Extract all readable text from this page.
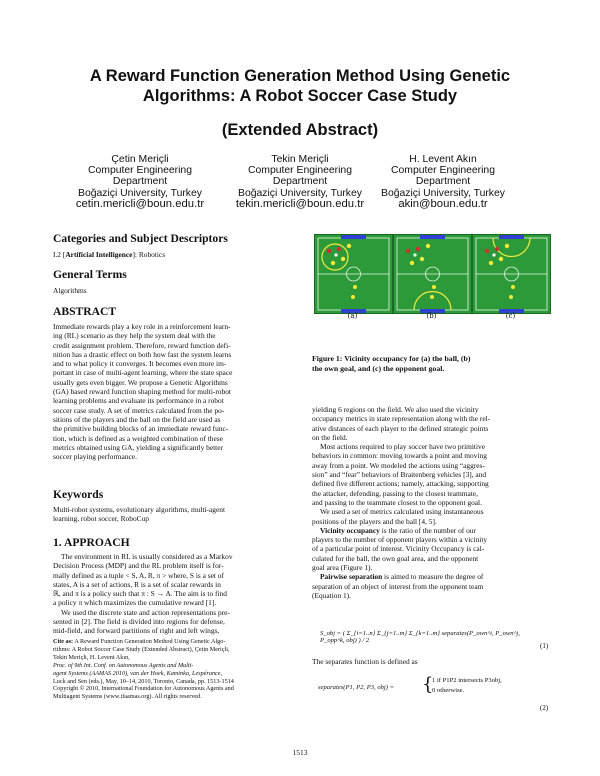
A Reward Function Generation Method Using Genetic
Algorithms: A Robot Soccer Case Study
(Extended Abstract)
Çetin Meriçli
Computer Engineering
Department
Boğaziçi University, Turkey
cetin.mericli@boun.edu.tr
Tekin Meriçli
Computer Engineering
Department
Boğaziçi University, Turkey
tekin.mericli@boun.edu.tr
H. Levent Akın
Computer Engineering
Department
Boğaziçi University, Turkey
akin@boun.edu.tr
Categories and Subject Descriptors
I.2 [Artificial Intelligence]: Robotics
General Terms
Algorithms
ABSTRACT
Immediate rewards play a key role in a reinforcement learn-
ing (RL) scenario as they help the system deal with the
credit assignment problem. Therefore, reward function defi-
nition has a drastic effect on both how fast the system learns
and to what policy it converges. It becomes even more im-
portant in case of multi-agent learning, where the state space
usually gets even bigger. We propose a Genetic Algorithms
(GA) based reward function shaping method for multi-robot
learning problems and evaluate its performance in a robot
soccer case study. A set of metrics calculated from the po-
sitions of the players and the ball on the field are used as
the primitive building blocks of an immediate reward func-
tion, which is defined as a weighted combination of these
metrics obtained using GA, yielding a significantly better
soccer playing performance.
Keywords
Multi-robot systems, evolutionary algorithms, multi-agent
learning, robot soccer, RoboCup
1. APPROACH
The environment in RL is usually considered as a Markov
Decision Process (MDP) and the RL problem itself is for-
mally defined as a tuple < S, A, R, π > where, S is a set of
states, A is a set of actions, R is a set of scalar rewards in
ℝ, and π is a policy such that π : S → A. The aim is to find
a policy π which maximizes the cumulative reward [1].
We used the discrete state and action representations pre-
sented in [2]. The field is divided into regions for defense,
mid-field, and forward partitions of right and left wings,
Cite as: A Reward Function Generation Method Using Genetic Algo-
rithms: A Robot Soccer Case Study (Extended Abstract), Çetin Meriçli,
Tekin Meriçli, H. Levent Akın,
Proc. of 9th Int. Conf. on Autonomous Agents and Multi-
agent Systems (AAMAS 2010), van der Hoek, Kaminka, Lespérance,
Luck and Sen (eds.), May, 10–14, 2010, Toronto, Canada, pp. 1513-1514
Copyright © 2010, International Foundation for Autonomous Agents and
Multiagent Systems (www.ifaamas.org). All rights reserved.
(a)	(b)	(c)
Figure 1: Vicinity occupancy for (a) the ball, (b)
the own goal, and (c) the opponent goal.
yielding 6 regions on the field. We also used the vicinity
occupancy metrics in state representation along with the rel-
ative distances of each player to the defined strategic points
on the field.
Most actions required to play soccer have two primitive
behaviors in common: moving towards a point and moving
away from a point. We modeled the actions using “aggres-
sion” and “fear” behaviors of Braitenberg vehicles [3], and
defined five different actions; namely, attacking, supporting
the attacker, defending, passing to the closest teammate,
and passing to the teammate closest to the opponent goal.
We used a set of metrics calculated using instantaneous
positions of the players and the ball [4, 5].
Vicinity occupancy is the ratio of the number of our
players to the number of opponent players within a vicinity
of a particular point of interest. Vicinity Occupancy is cal-
culated for the ball, the own goal area, and the opponent
goal area (Figure 1).
Pairwise separation is aimed to measure the degree of
separation of an object of interest from the opponent team
(Equation 1).
S_obj = ( Σ_{i=1..n} Σ_{j=1..m} Σ_{k=1..m} separates(P_own^i, P_own^j, P_opp^k, obj) ) / 2
(1)
The separates function is defined as
separates(P1, P2, P3, obj) = {
1 if P1P2 intersects P3obj,
0 otherwise.
(2)
1513
